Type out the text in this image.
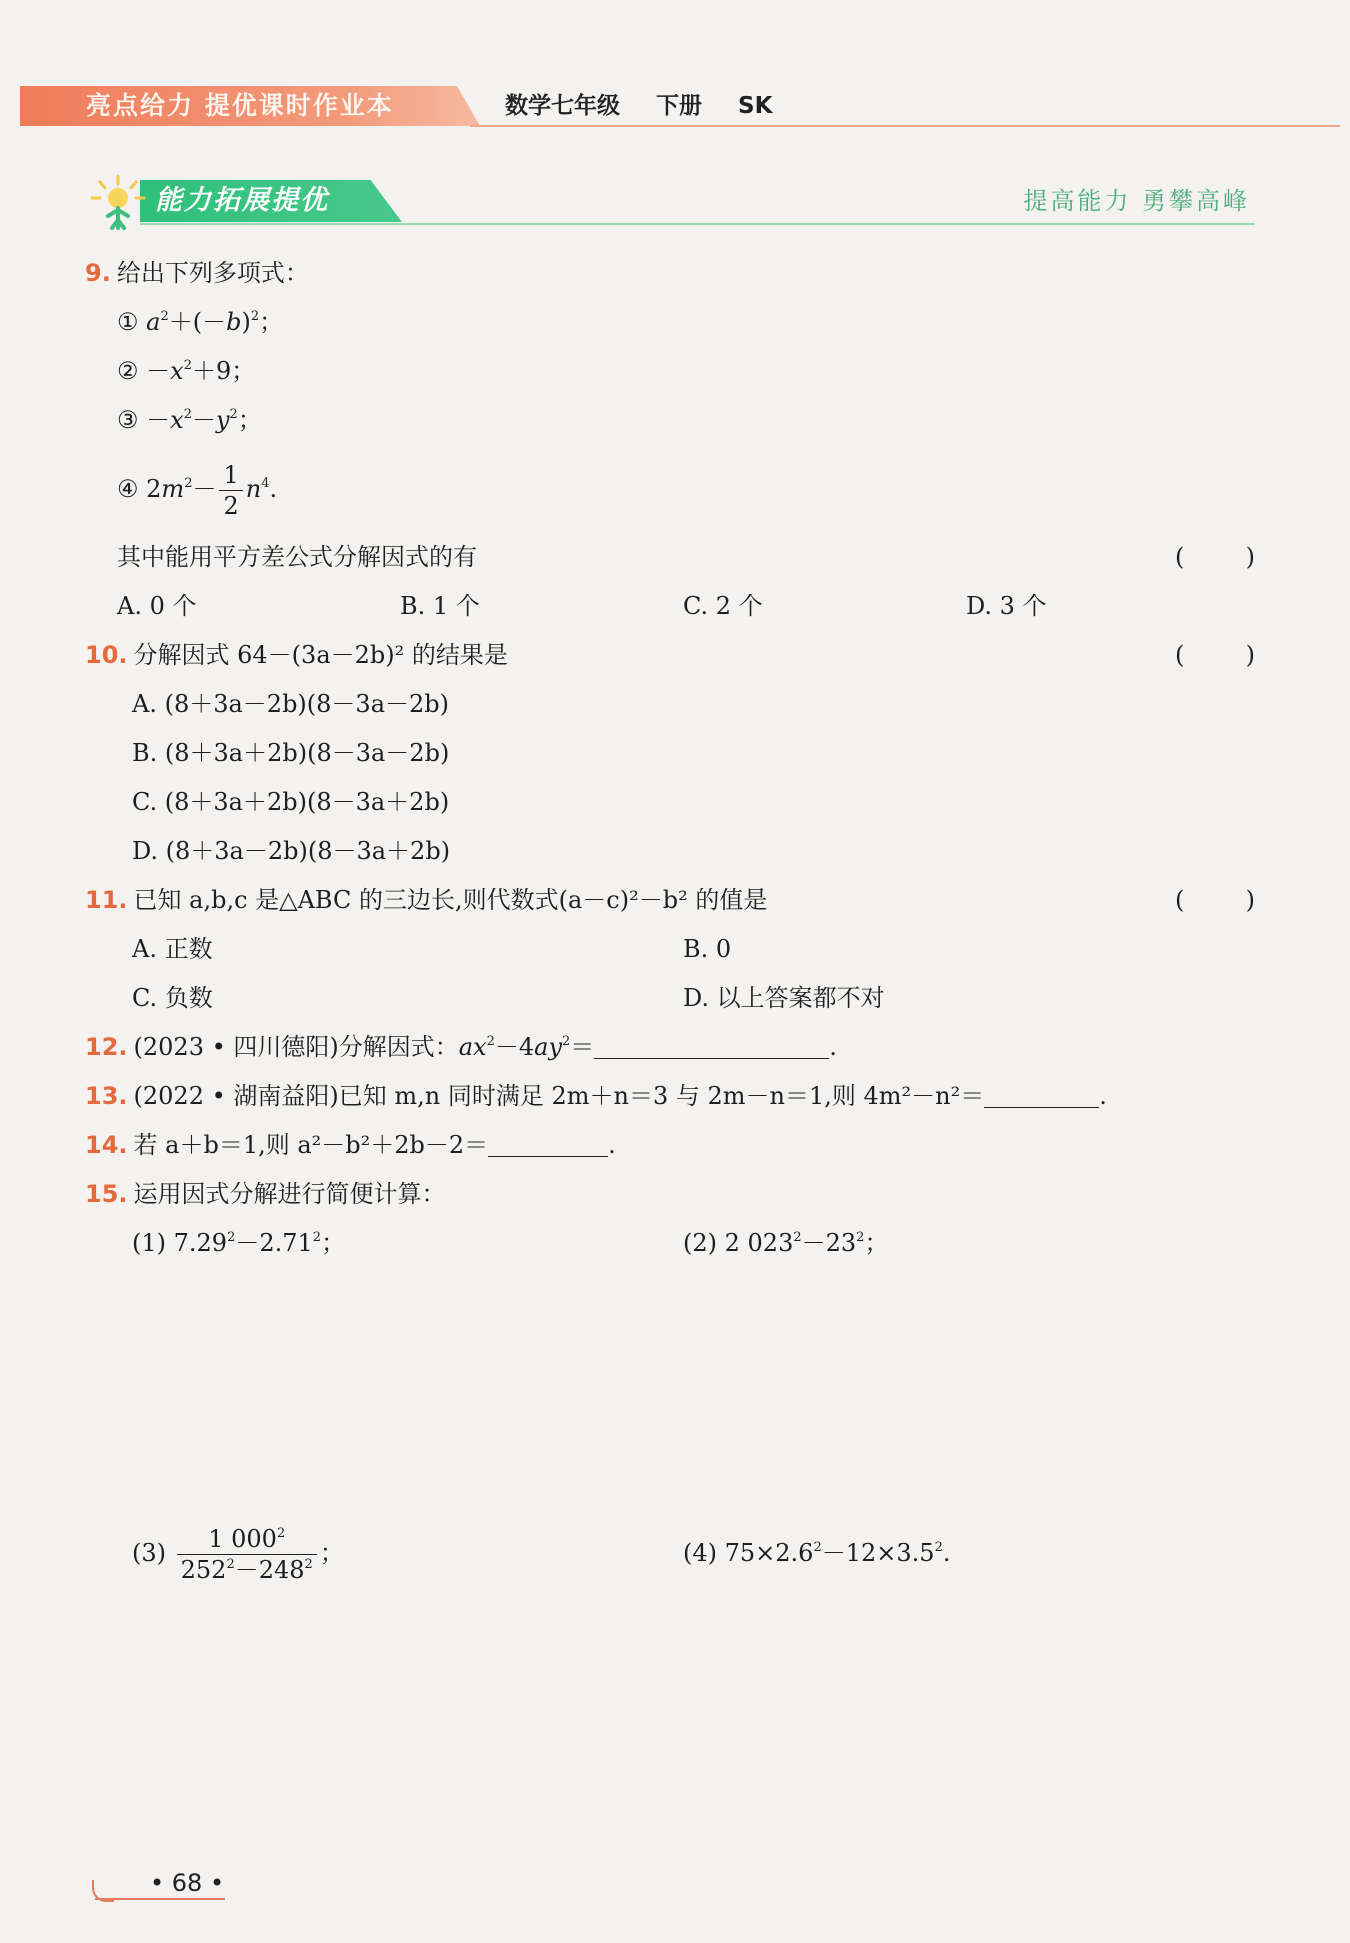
亮点给力 提优课时作业本	数学七年级 下册 SK
能力拓展提优	提高能力 勇攀高峰
9. 给出下列多项式：
① $a^2+(-b)^2$；
② $-x^2+9$；
③ $-x^2-y^2$；
④ $2m^2- \frac{1}{2} n^4$.
其中能用平方差公式分解因式的有	(	)
A. 0 个	B. 1 个	C. 2 个	D. 3 个
10. 分解因式 64－(3a－2b)² 的结果是	(	)
A. (8＋3a－2b)(8－3a－2b)
B. (8＋3a＋2b)(8－3a－2b)
C. (8＋3a＋2b)(8－3a＋2b)
D. (8＋3a－2b)(8－3a＋2b)
11. 已知 a,b,c 是△ABC 的三边长,则代数式(a－c)²－b² 的值是	(	)
A. 正数	B. 0
C. 负数	D. 以上答案都不对
12. (2023 • 四川德阳)分解因式：$ax^2-4ay^2=$	.
13. (2022 • 湖南益阳)已知 m,n 同时满足 2m＋n＝3 与 2m－n＝1,则 4m²－n²＝	.
14. 若 a＋b＝1,则 a²－b²＋2b－2＝	.
15. 运用因式分解进行简便计算：
(1) $7.29^2-2.71^2$；	(2) 2 $023^2-23^2$；
$(3) \frac{1 000^2}{252^2-248^2}$ ；	(4) $75\times 2.6^2-12\times 3.5^2$.
• 68 •
